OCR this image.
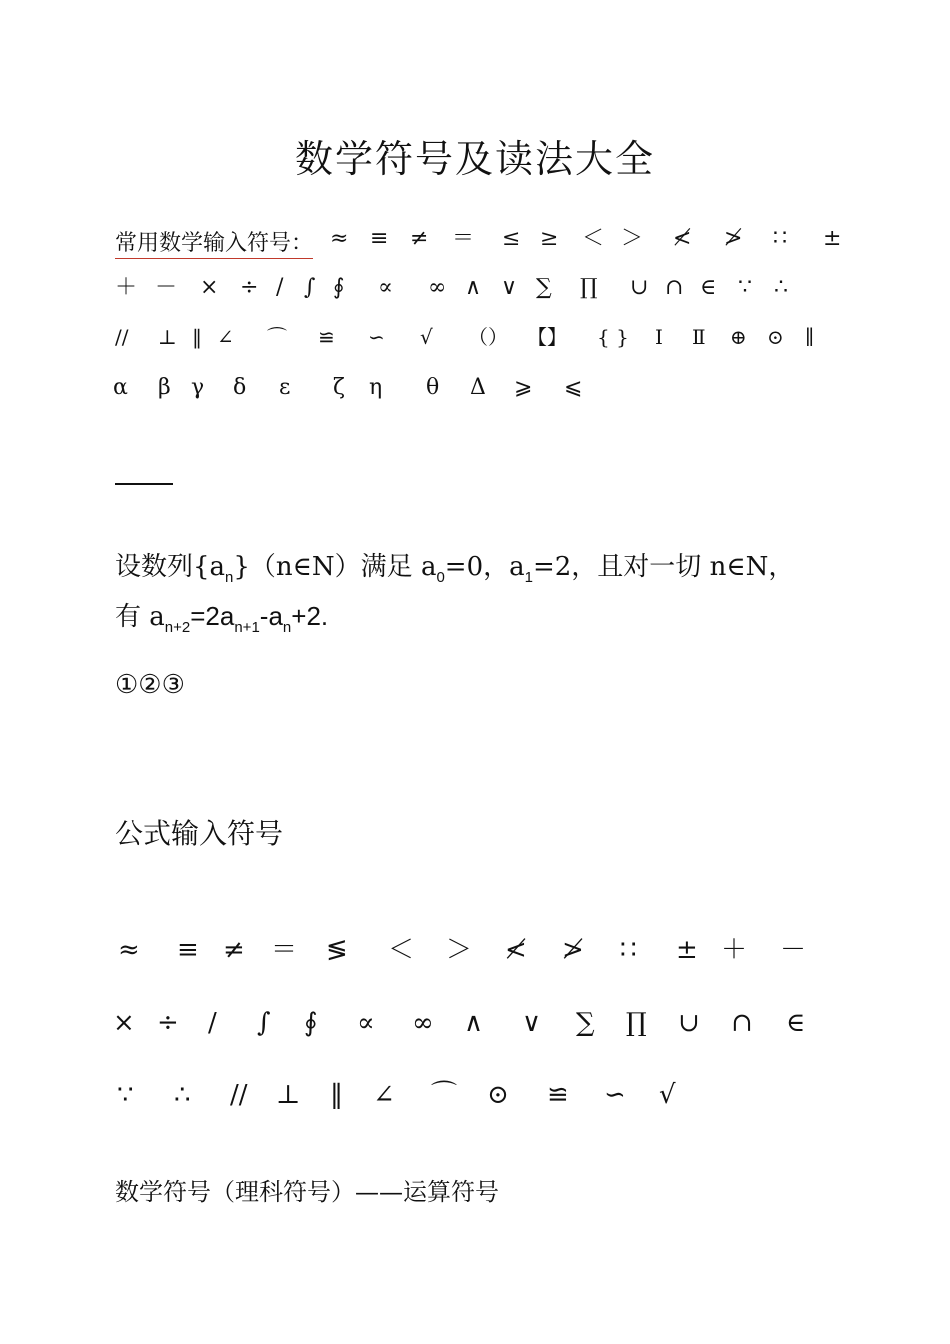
数学符号及读法大全
常用数学输入符号： ≈ ≡ ≠ ＝ ≤ ≥ ＜ ＞ ≮ ≯ ∷ ±
＋ － × ÷ / ∫ ∮ ∝ ∞ ∧ ∨ ∑ ∏ ∪ ∩ ∈ ∵ ∴
// ⊥ ‖ ∠ ⌒ ≌ ∽ √ （） 【】 { } Ⅰ Ⅱ ⊕ ⊙ ∥
α β γ δ ε ζ η θ Δ ⩾ ⩽
设数列$\{a_n\}(n\in N)$满足 $a_0=0$，$a_1=2$，且对一切 n∈N，
有 $a_{n+2}=2a_{n+1}-a_n+2$.
①②③
公式输入符号
≈ ≡ ≠ ＝ ≶ ＜ ＞ ≮ ≯ ∷ ± ＋ －
× ÷ / ∫ ∮ ∝ ∞ ∧ ∨ ∑ ∏ ∪ ∩ ∈
∵ ∴ // ⊥ ‖ ∠ ⌒ ⊙ ≌ ∽ √
数学符号（理科符号）——运算符号
